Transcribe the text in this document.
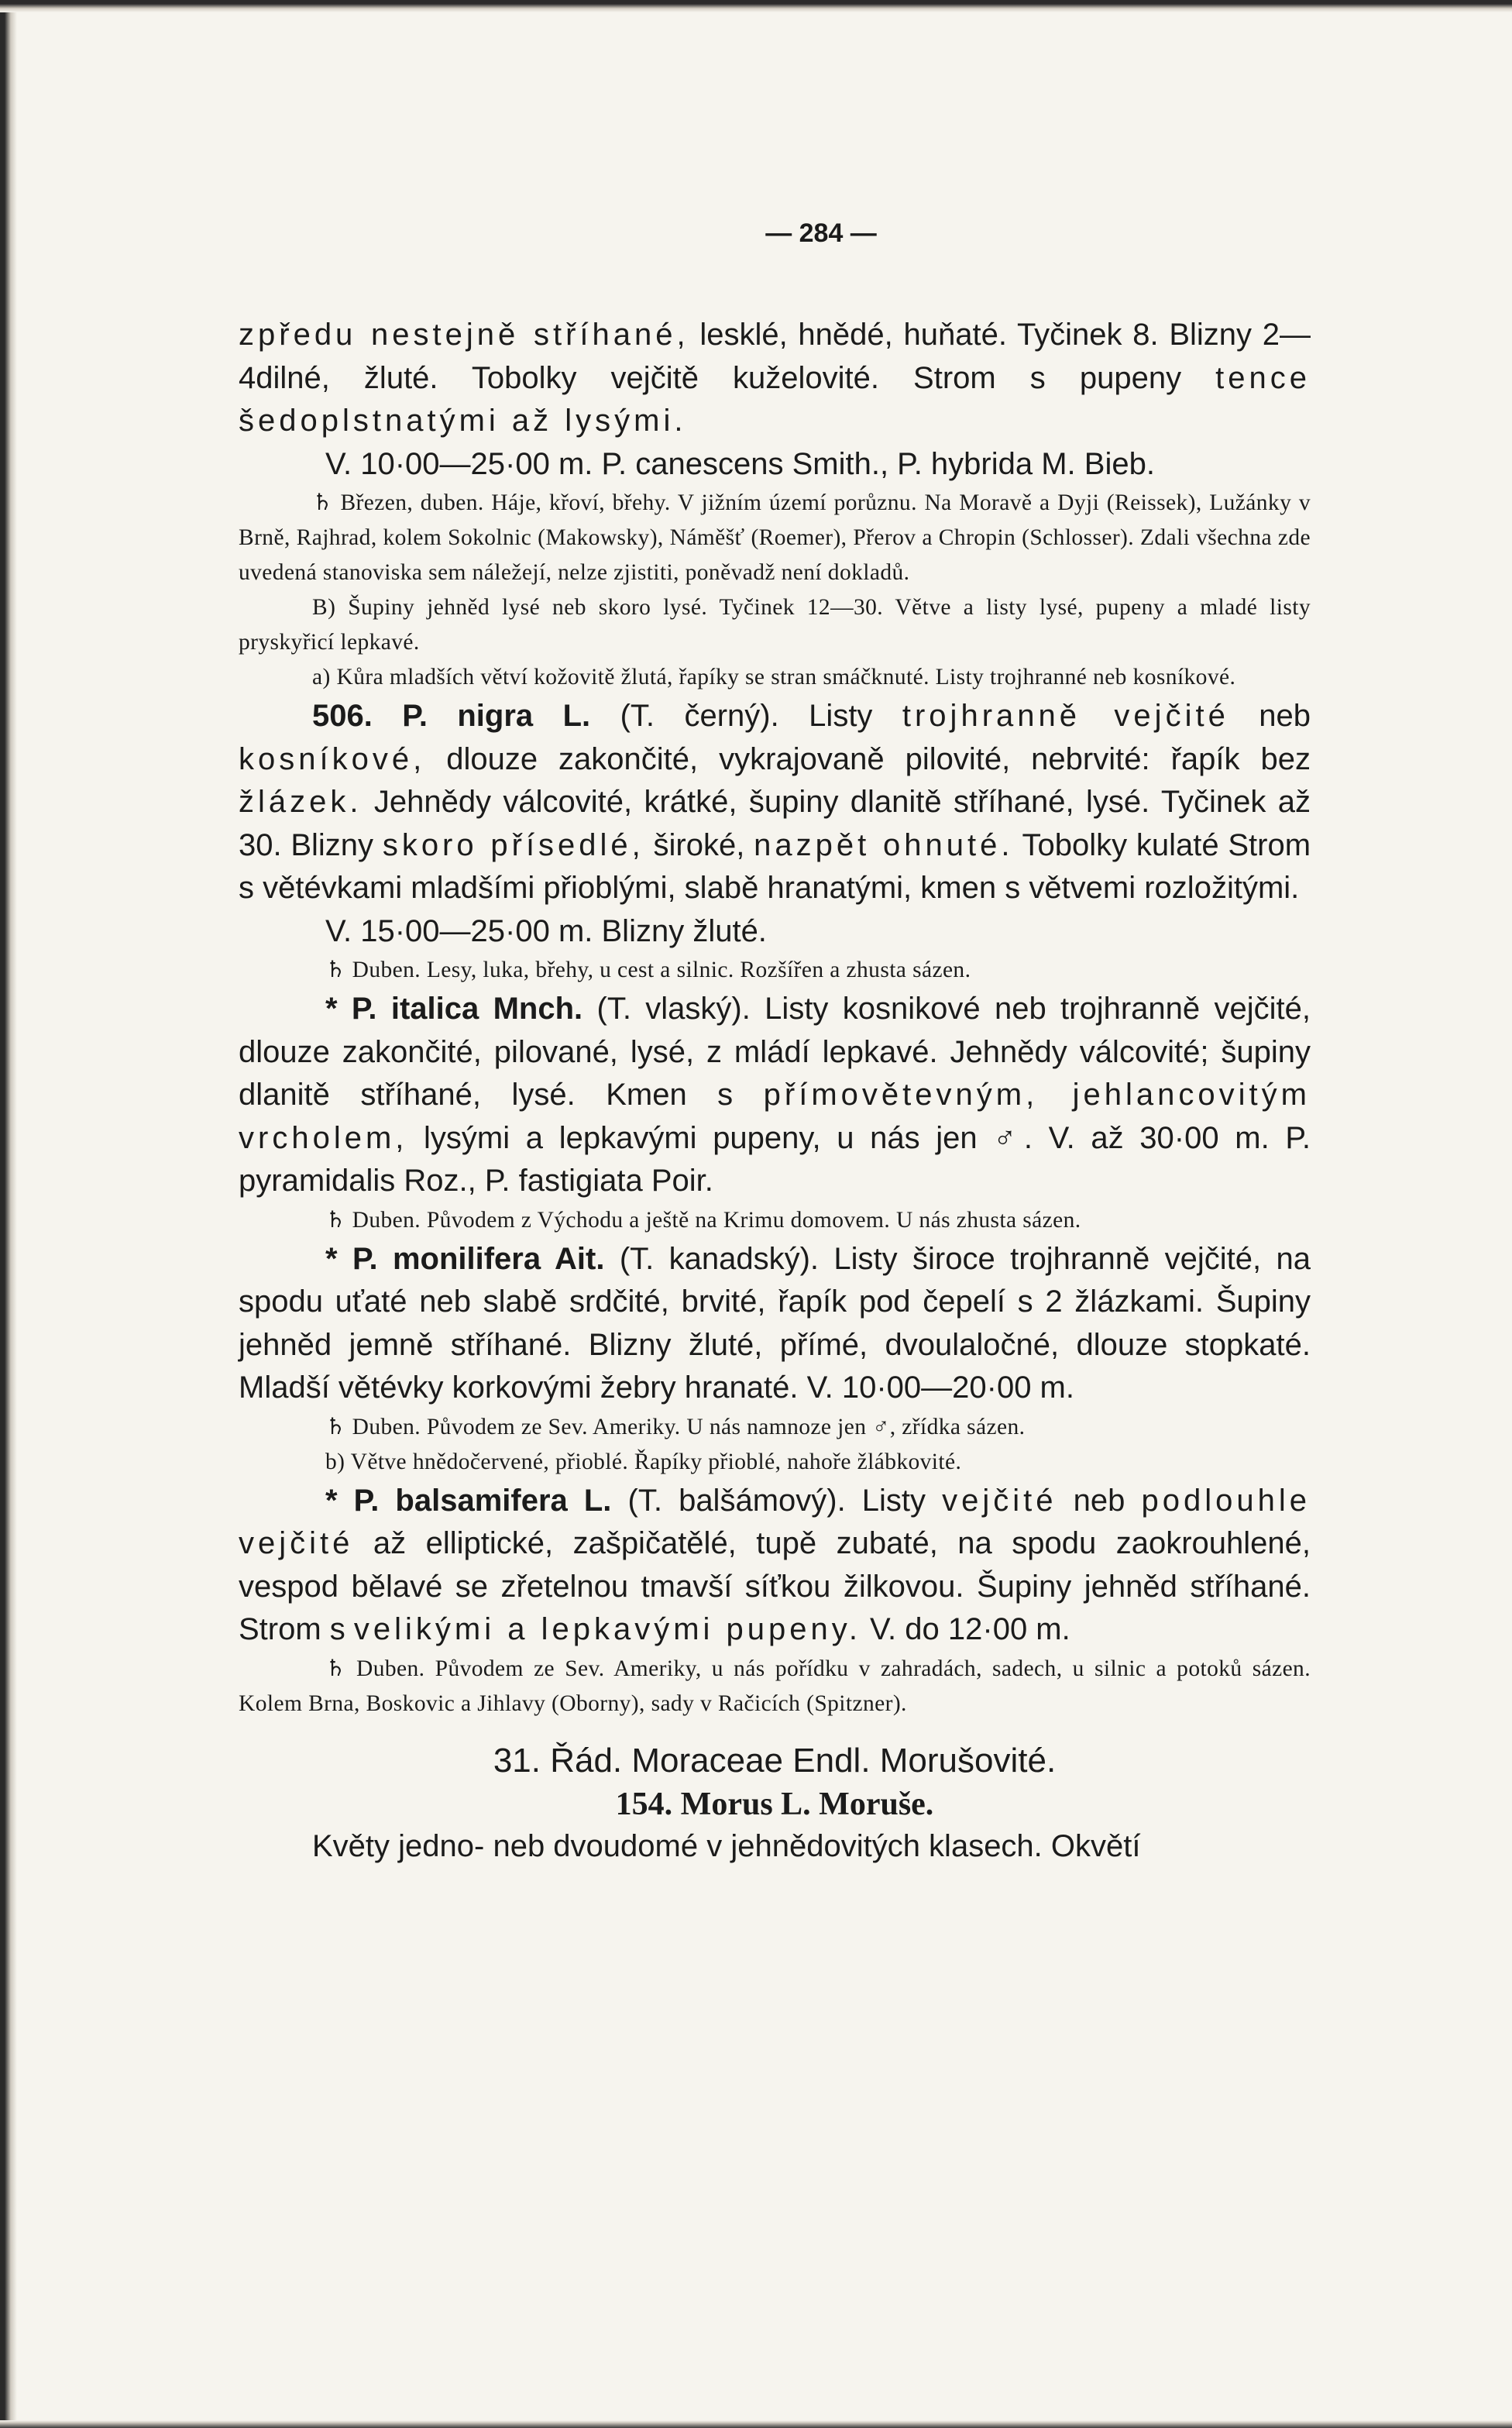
— 284 —

zpředu nestejně stříhané, lesklé, hnědé, huňaté. Tyčinek 8. Blizny 2—4dilné, žluté. Tobolky vejčitě kuželovité. Strom s pupeny tence šedoplstnatými až lysými.

V. 10·00—25·00 m. P. canescens Smith., P. hybrida M. Bieb.

♄ Březen, duben. Háje, křoví, břehy. V jižním území porůznu. Na Moravě a Dyji (Reissek), Lužánky v Brně, Rajhrad, kolem Sokolnic (Makowsky), Náměšť (Roemer), Přerov a Chropin (Schlosser). Zdali všechna zde uvedená stanoviska sem náležejí, nelze zjistiti, poněvadž není dokladů.

B) Šupiny jehněd lysé neb skoro lysé. Tyčinek 12—30. Větve a listy lysé, pupeny a mladé listy pryskyřicí lepkavé.

a) Kůra mladších větví kožovitě žlutá, řapíky se stran smáčknuté. Listy trojhranné neb kosníkové.

506. P. nigra L. (T. černý). Listy trojhranně vejčité neb kosníkové, dlouze zakončité, vykrajovaně pilovité, nebrvité: řapík bez žlázek. Jehnědy válcovité, krátké, šupiny dlanitě stříhané, lysé. Tyčinek až 30. Blizny skoro přísedlé, široké, nazpět ohnuté. Tobolky kulaté Strom s větévkami mladšími přioblými, slabě hranatými, kmen s větvemi rozložitými.

V. 15·00—25·00 m. Blizny žluté.

♄ Duben. Lesy, luka, břehy, u cest a silnic. Rozšířen a zhusta sázen.

* P. italica Mnch. (T. vlaský). Listy kosnikové neb trojhranně vejčité, dlouze zakončité, pilované, lysé, z mládí lepkavé. Jehnědy válcovité; šupiny dlanitě stříhané, lysé. Kmen s přímovětevným, jehlancovitým vrcholem, lysými a lepkavými pupeny, u nás jen ♂. V. až 30·00 m. P. pyramidalis Roz., P. fastigiata Poir.

♄ Duben. Původem z Východu a ještě na Krimu domovem. U nás zhusta sázen.

* P. monilifera Ait. (T. kanadský). Listy široce trojhranně vejčité, na spodu uťaté neb slabě srdčité, brvité, řapík pod čepelí s 2 žlázkami. Šupiny jehněd jemně stříhané. Blizny žluté, přímé, dvoulaločné, dlouze stopkaté. Mladší větévky korkovými žebry hranaté. V. 10·00—20·00 m.

♄ Duben. Původem ze Sev. Ameriky. U nás namnoze jen ♂, zřídka sázen.

b) Větve hnědočervené, přioblé. Řapíky přioblé, nahoře žlábkovité.

* P. balsamifera L. (T. balšámový). Listy vejčité neb podlouhle vejčité až elliptické, zašpičatělé, tupě zubaté, na spodu zaokrouhlené, vespod bělavé se zřetelnou tmavší síťkou žilkovou. Šupiny jehněd stříhané. Strom s velikými a lepkavými pupeny. V. do 12·00 m.

♄ Duben. Původem ze Sev. Ameriky, u nás pořídku v zahradách, sadech, u silnic a potoků sázen. Kolem Brna, Boskovic a Jihlavy (Oborny), sady v Račicích (Spitzner).

31. Řád. Moraceae Endl. Morušovité.
154. Morus L. Moruše.

Květy jedno- neb dvoudomé v jehnědovitých klasech. Okvětí
